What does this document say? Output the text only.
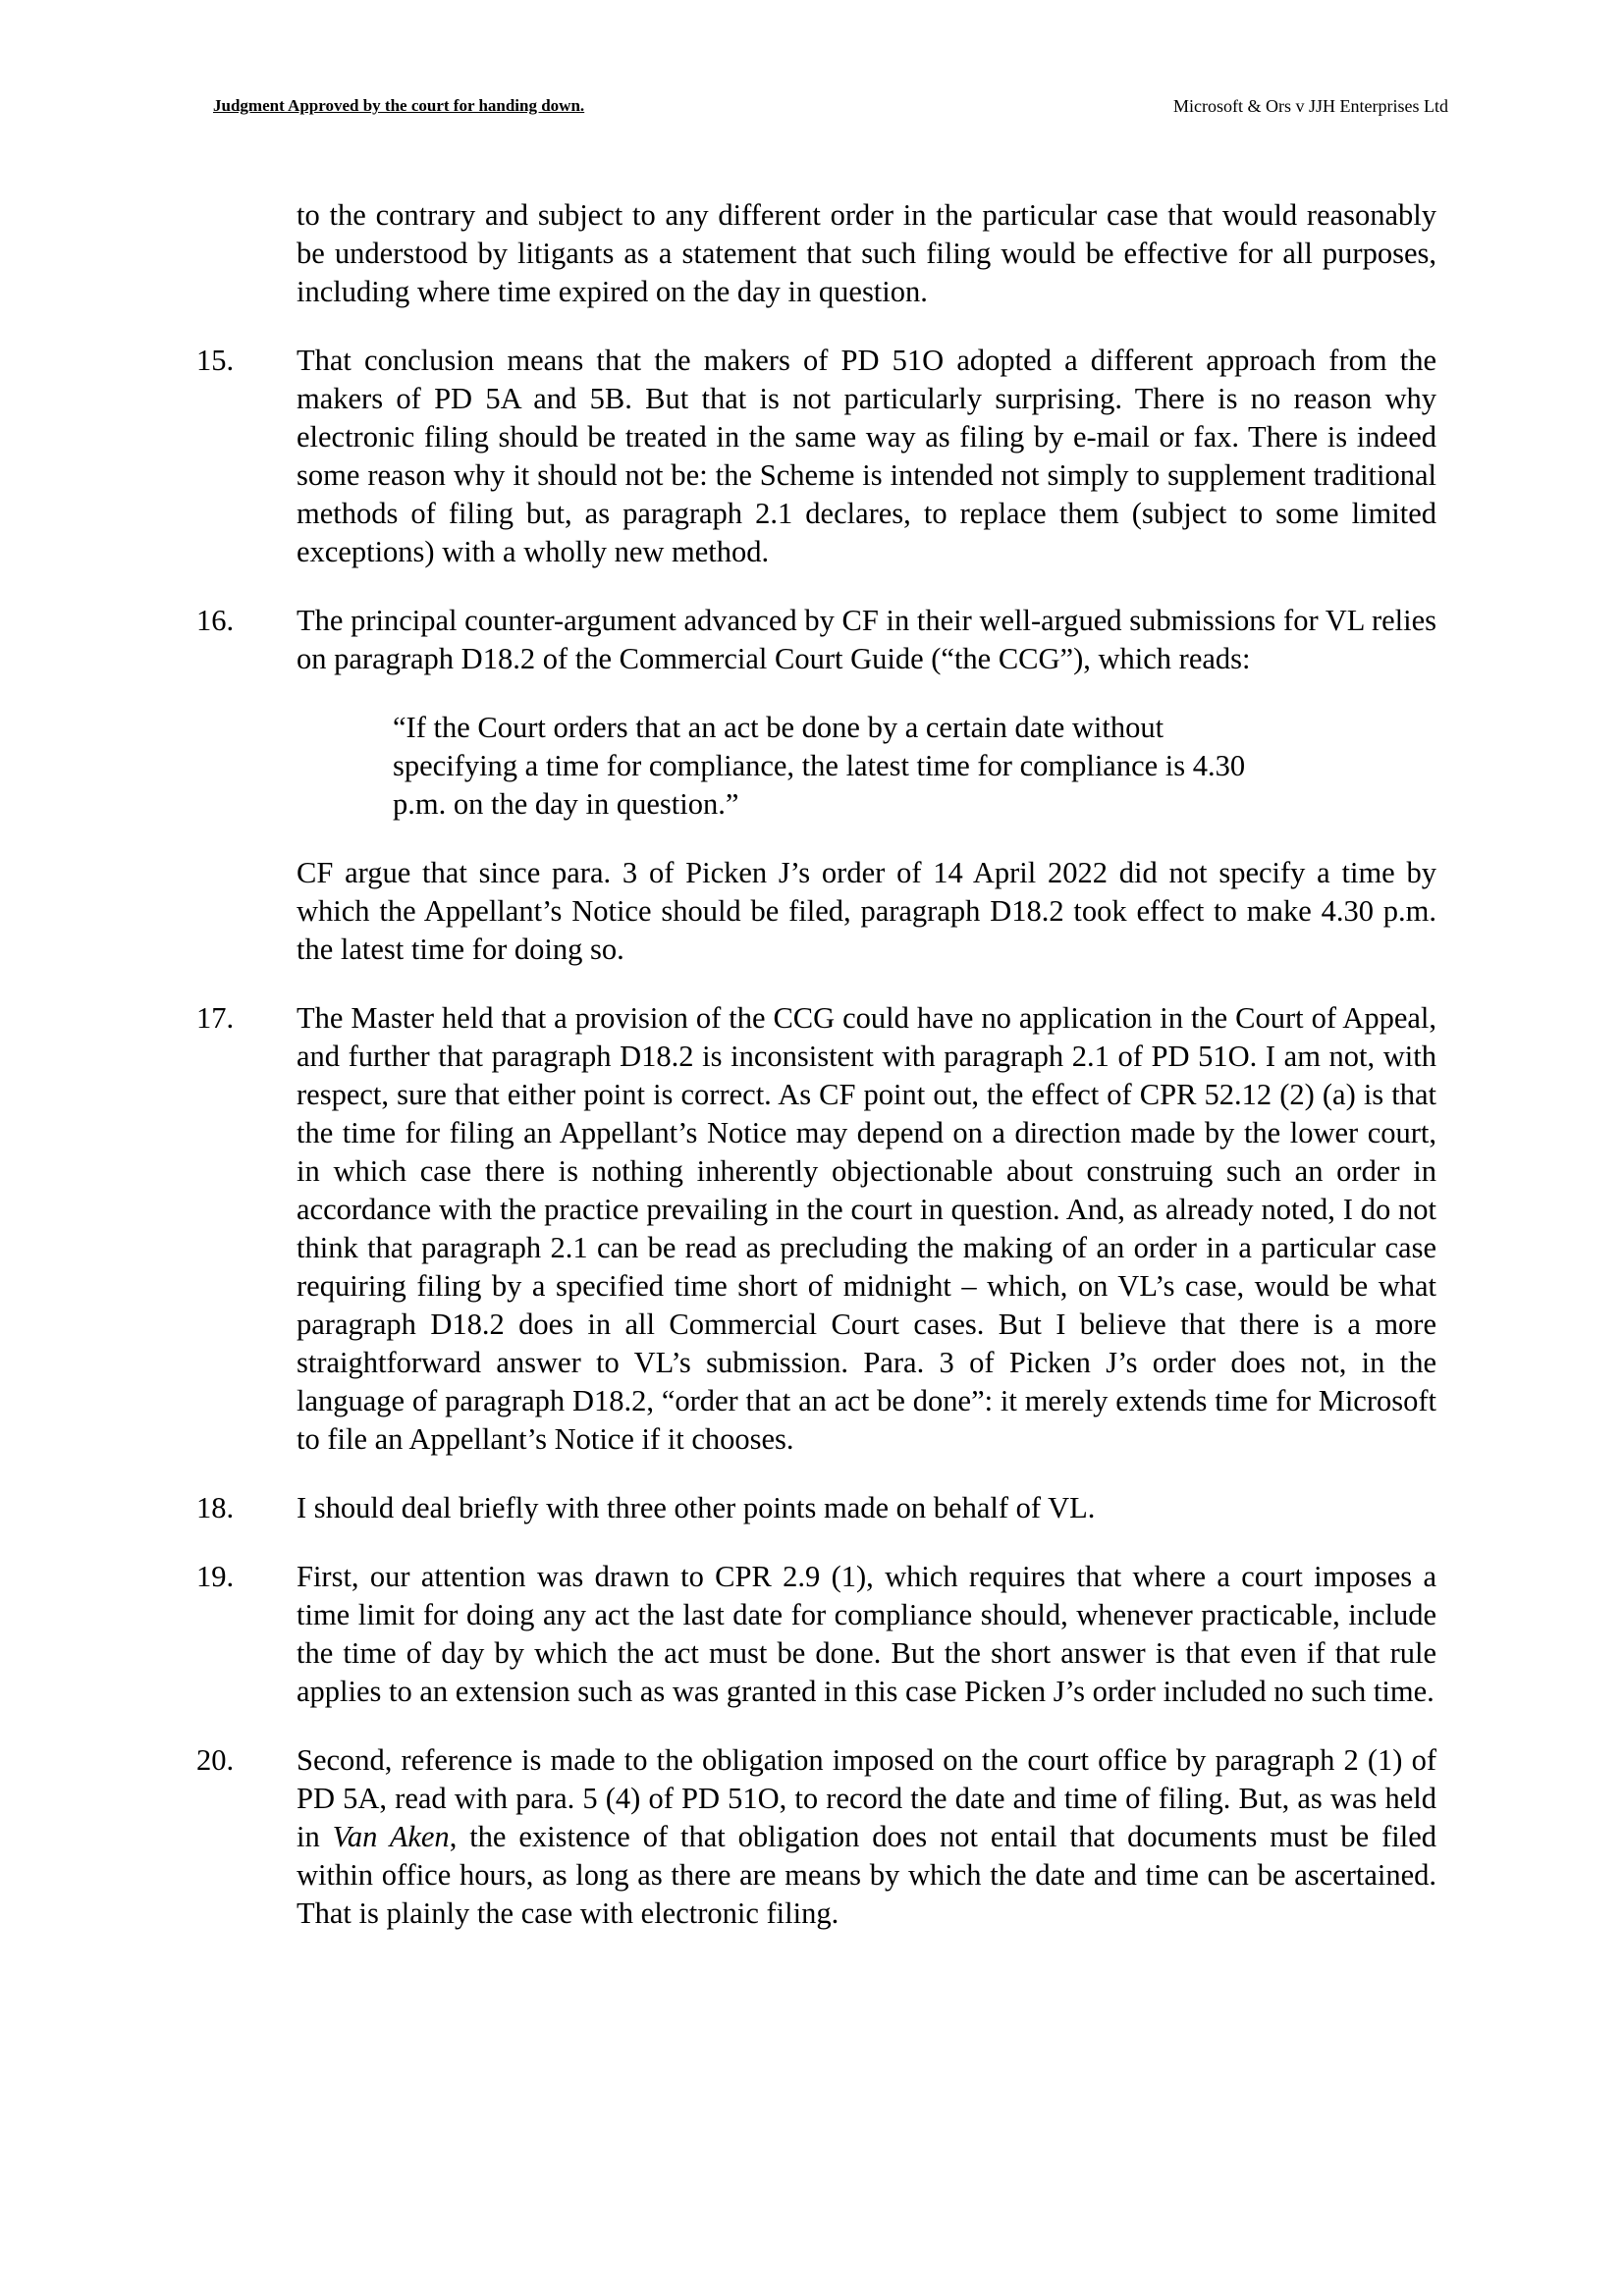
Judgment Approved by the court for handing down.	Microsoft & Ors v JJH Enterprises Ltd
to the contrary and subject to any different order in the particular case that would reasonably be understood by litigants as a statement that such filing would be effective for all purposes, including where time expired on the day in question.
15. That conclusion means that the makers of PD 51O adopted a different approach from the makers of PD 5A and 5B. But that is not particularly surprising. There is no reason why electronic filing should be treated in the same way as filing by e-mail or fax. There is indeed some reason why it should not be: the Scheme is intended not simply to supplement traditional methods of filing but, as paragraph 2.1 declares, to replace them (subject to some limited exceptions) with a wholly new method.
16. The principal counter-argument advanced by CF in their well-argued submissions for VL relies on paragraph D18.2 of the Commercial Court Guide (“the CCG”), which reads:
“If the Court orders that an act be done by a certain date without specifying a time for compliance, the latest time for compliance is 4.30 p.m. on the day in question.”
CF argue that since para. 3 of Picken J’s order of 14 April 2022 did not specify a time by which the Appellant’s Notice should be filed, paragraph D18.2 took effect to make 4.30 p.m. the latest time for doing so.
17. The Master held that a provision of the CCG could have no application in the Court of Appeal, and further that paragraph D18.2 is inconsistent with paragraph 2.1 of PD 51O. I am not, with respect, sure that either point is correct. As CF point out, the effect of CPR 52.12 (2) (a) is that the time for filing an Appellant’s Notice may depend on a direction made by the lower court, in which case there is nothing inherently objectionable about construing such an order in accordance with the practice prevailing in the court in question. And, as already noted, I do not think that paragraph 2.1 can be read as precluding the making of an order in a particular case requiring filing by a specified time short of midnight – which, on VL’s case, would be what paragraph D18.2 does in all Commercial Court cases. But I believe that there is a more straightforward answer to VL’s submission. Para. 3 of Picken J’s order does not, in the language of paragraph D18.2, “order that an act be done”: it merely extends time for Microsoft to file an Appellant’s Notice if it chooses.
18. I should deal briefly with three other points made on behalf of VL.
19. First, our attention was drawn to CPR 2.9 (1), which requires that where a court imposes a time limit for doing any act the last date for compliance should, whenever practicable, include the time of day by which the act must be done. But the short answer is that even if that rule applies to an extension such as was granted in this case Picken J’s order included no such time.
20. Second, reference is made to the obligation imposed on the court office by paragraph 2 (1) of PD 5A, read with para. 5 (4) of PD 51O, to record the date and time of filing. But, as was held in Van Aken, the existence of that obligation does not entail that documents must be filed within office hours, as long as there are means by which the date and time can be ascertained. That is plainly the case with electronic filing.
